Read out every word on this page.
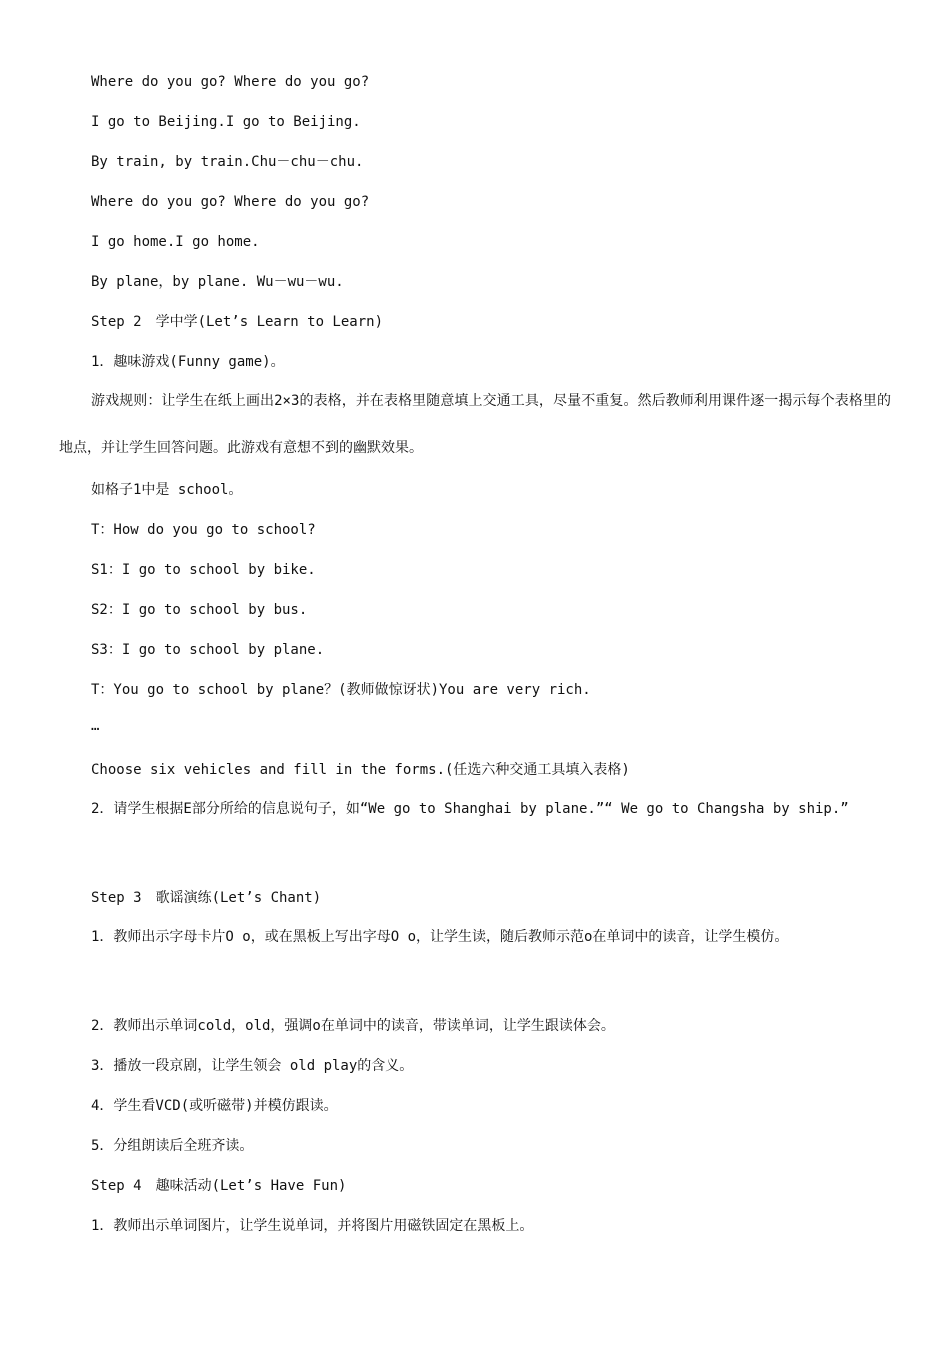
Where do you go? Where do you go?
I go to Beijing.I go to Beijing.
By train, by train.Chu－chu－chu.
Where do you go? Where do you go?
I go home.I go home.
By plane，by plane. Wu－wu－wu.
Step 2　学中学(Let’s Learn to Learn)
1．趣味游戏(Funny game)。
游戏规则：让学生在纸上画出2×3的表格，并在表格里随意填上交通工具，尽量不重复。然后教师利用课件逐一揭示每个表格里的地点，并让学生回答问题。此游戏有意想不到的幽默效果。
如格子1中是 school。
T：How do you go to school?
S1：I go to school by bike.
S2：I go to school by bus.
S3：I go to school by plane.
T：You go to school by plane？(教师做惊讶状)You are very rich.
…
Choose six vehicles and fill in the forms.(任选六种交通工具填入表格)
2．请学生根据E部分所给的信息说句子，如“We go to Shanghai by plane.”“ We go to Changsha by ship.”
Step 3　歌谣演练(Let’s Chant)
1．教师出示字母卡片O o，或在黑板上写出字母O o，让学生读，随后教师示范o在单词中的读音，让学生模仿。
2．教师出示单词cold，old，强调o在单词中的读音，带读单词，让学生跟读体会。
3．播放一段京剧，让学生领会 old play的含义。
4．学生看VCD(或听磁带)并模仿跟读。
5．分组朗读后全班齐读。
Step 4　趣味活动(Let’s Have Fun)
1．教师出示单词图片，让学生说单词，并将图片用磁铁固定在黑板上。
